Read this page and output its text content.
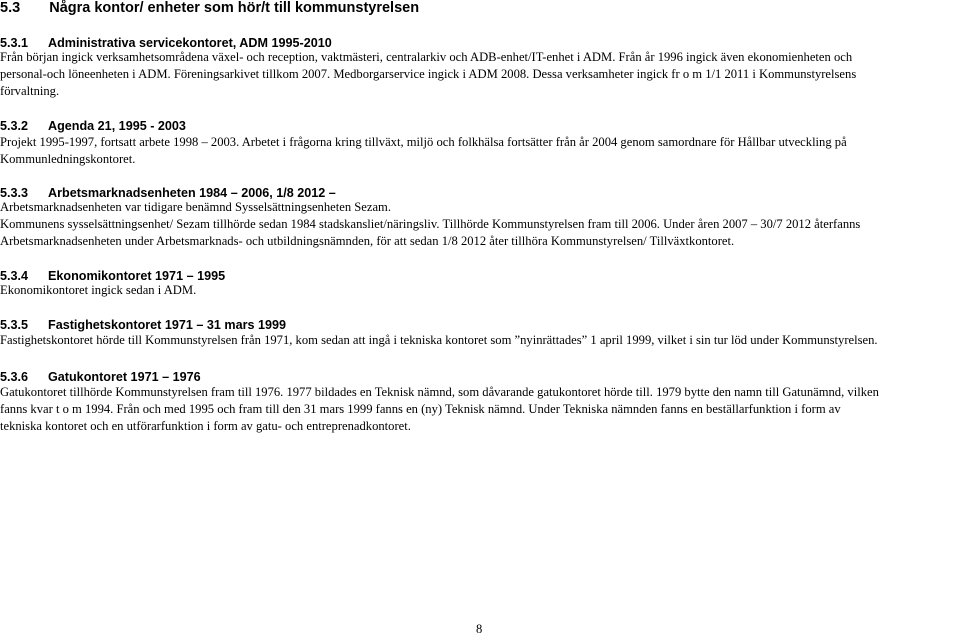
5.3 Några kontor/ enheter som hör/t till kommunstyrelsen
5.3.1 Administrativa servicekontoret, ADM 1995-2010
Från början ingick verksamhetsområdena växel- och reception, vaktmästeri, centralarkiv och ADB-enhet/IT-enhet i ADM. Från år 1996 ingick även ekonomienheten och
personal-och löneenheten i ADM. Föreningsarkivet tillkom 2007. Medborgarservice ingick i ADM 2008. Dessa verksamheter ingick fr o m 1/1 2011 i Kommunstyrelsens
förvaltning.
5.3.2 Agenda 21, 1995 - 2003
Projekt 1995-1997, fortsatt arbete 1998 – 2003. Arbetet i frågorna kring tillväxt, miljö och folkhälsa fortsätter från år 2004 genom samordnare för Hållbar utveckling på
Kommunledningskontoret.
5.3.3 Arbetsmarknadsenheten 1984 – 2006, 1/8 2012 –
Arbetsmarknadsenheten var tidigare benämnd Sysselsättningsenheten Sezam.
Kommunens sysselsättningsenhet/ Sezam tillhörde sedan 1984 stadskansliet/näringsliv. Tillhörde Kommunstyrelsen fram till 2006. Under åren 2007 – 30/7 2012 återfanns
Arbetsmarknadsenheten under Arbetsmarknads- och utbildningsnämnden, för att sedan 1/8 2012 åter tillhöra Kommunstyrelsen/ Tillväxtkontoret.
5.3.4 Ekonomikontoret 1971 – 1995
Ekonomikontoret ingick sedan i ADM.
5.3.5 Fastighetskontoret 1971 – 31 mars 1999
Fastighetskontoret hörde till Kommunstyrelsen från 1971, kom sedan att ingå i tekniska kontoret som ”nyinrättades” 1 april 1999, vilket i sin tur löd under Kommunstyrelsen.
5.3.6 Gatukontoret 1971 – 1976
Gatukontoret tillhörde Kommunstyrelsen fram till 1976. 1977 bildades en Teknisk nämnd, som dåvarande gatukontoret hörde till. 1979 bytte den namn till Gatunämnd, vilken
fanns kvar t o m 1994. Från och med 1995 och fram till den 31 mars 1999 fanns en (ny) Teknisk nämnd. Under Tekniska nämnden fanns en beställarfunktion i form av
tekniska kontoret och en utförarfunktion i form av gatu- och entreprenadkontoret.
8
